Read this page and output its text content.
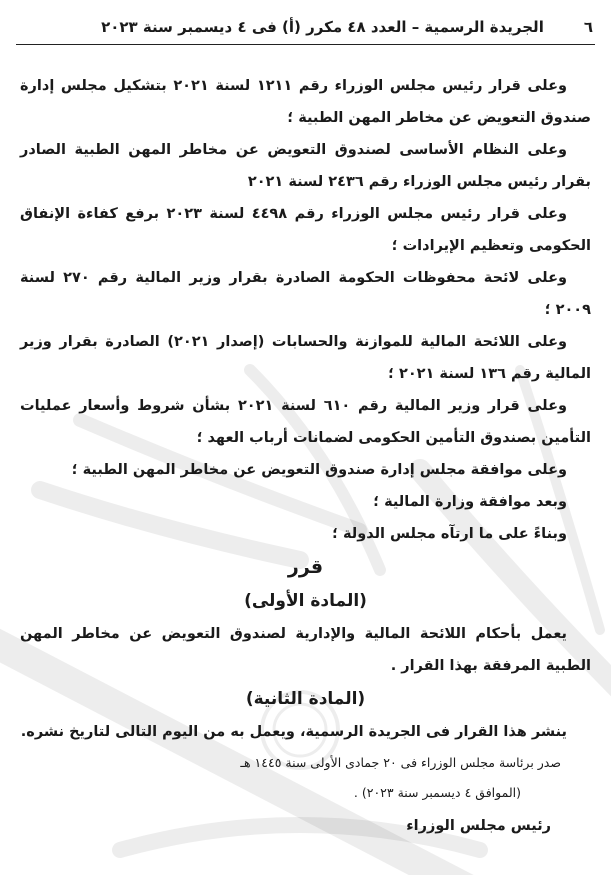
٦
الجريدة الرسمية – العدد ٤٨ مكرر (أ) فى ٤ ديسمبر سنة ٢٠٢٣

وعلى قرار رئيس مجلس الوزراء رقم ١٢١١ لسنة ٢٠٢١ بتشكيل مجلس إدارة صندوق التعويض عن مخاطر المهن الطبية ؛

وعلى النظام الأساسى لصندوق التعويض عن مخاطر المهن الطبية الصادر بقرار رئيس مجلس الوزراء رقم ٢٤٣٦ لسنة ٢٠٢١

وعلى قرار رئيس مجلس الوزراء رقم ٤٤٩٨ لسنة ٢٠٢٣ برفع كفاءة الإنفاق الحكومى وتعظيم الإيرادات ؛

وعلى لائحة محفوظات الحكومة الصادرة بقرار وزير المالية رقم ٢٧٠ لسنة ٢٠٠٩ ؛

وعلى اللائحة المالية للموازنة والحسابات (إصدار ٢٠٢١) الصادرة بقرار وزير المالية رقم ١٣٦ لسنة ٢٠٢١ ؛

وعلى قرار وزير المالية رقم ٦١٠ لسنة ٢٠٢١ بشأن شروط وأسعار عمليات التأمين بصندوق التأمين الحكومى لضمانات أرباب العهد ؛

وعلى موافقة مجلس إدارة صندوق التعويض عن مخاطر المهن الطبية ؛

وبعد موافقة وزارة المالية ؛

وبناءً على ما ارتآه مجلس الدولة ؛

قرر

(المادة الأولى)

يعمل بأحكام اللائحة المالية والإدارية لصندوق التعويض عن مخاطر المهن الطبية المرفقة بهذا القرار .

(المادة الثانية)

ينشر هذا القرار فى الجريدة الرسمية، ويعمل به من اليوم التالى لتاريخ نشره.

صدر برئاسة مجلس الوزراء فى ٢٠ جمادى الأولى سنة ١٤٤٥ هـ

(الموافق ٤ ديسمبر سنة ٢٠٢٣) .

رئيس مجلس الوزراء
